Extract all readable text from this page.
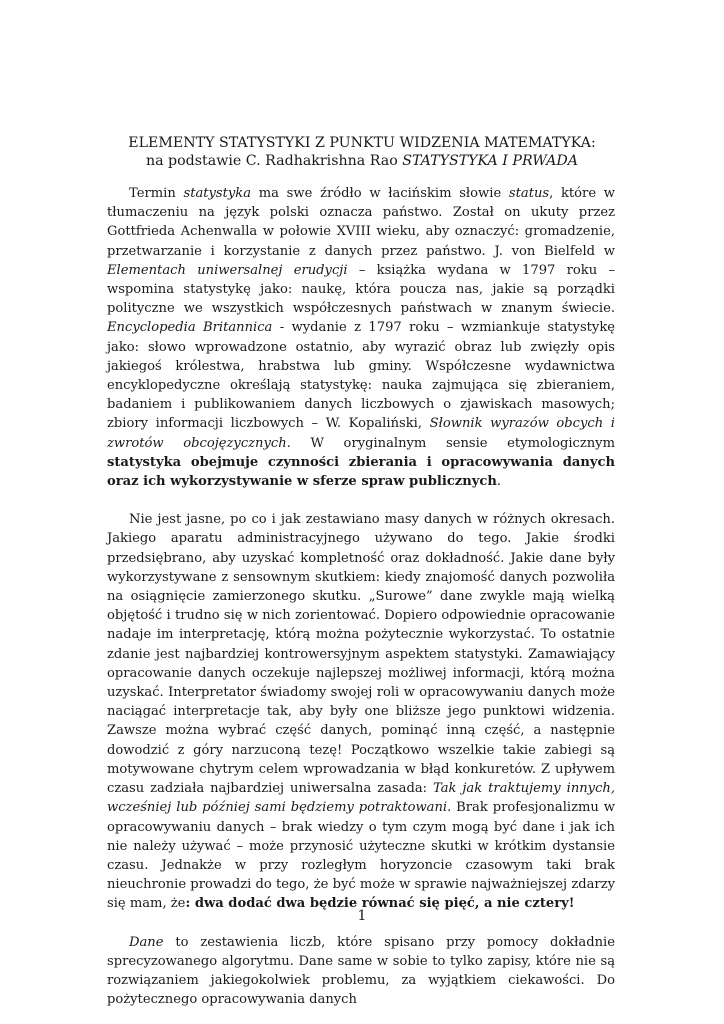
ELEMENTY STATYSTYKI Z PUNKTU WIDZENIA MATEMATYKA:
na podstawie C. Radhakrishna Rao STATYSTYKA I PRWADA

Termin statystyka ma swe źródło w łacińskim słowie status, które w tłumaczeniu na język polski oznacza państwo. Został on ukuty przez Gottfrieda Achenwalla w połowie XVIII wieku, aby oznaczyć: gromadzenie, przetwarzanie i korzystanie z danych przez państwo. J. von Bielfeld w Elementach uniwersalnej erudycji – książka wydana w 1797 roku – wspomina statystykę jako: naukę, która poucza nas, jakie są porządki polityczne we wszystkich współczesnych państwach w znanym świecie. Encyclopedia Britannica - wydanie z 1797 roku – wzmiankuje statystykę jako: słowo wprowadzone ostatnio, aby wyrazić obraz lub zwięzły opis jakiegoś królestwa, hrabstwa lub gminy. Współczesne wydawnictwa encyklopedyczne określają statystykę: nauka zajmująca się zbieraniem, badaniem i publikowaniem danych liczbowych o zjawiskach masowych; zbiory informacji liczbowych – W. Kopaliński, Słownik wyrazów obcych i zwrotów obcojęzycznych. W oryginalnym sensie etymologicznym statystyka obejmuje czynności zbierania i opracowywania danych oraz ich wykorzystywanie w sferze spraw publicznych.

Nie jest jasne, po co i jak zestawiano masy danych w różnych okresach. Jakiego aparatu administracyjnego używano do tego. Jakie środki przedsiębrano, aby uzyskać kompletność oraz dokładność. Jakie dane były wykorzystywane z sensownym skutkiem: kiedy znajomość danych pozwoliła na osiągnięcie zamierzonego skutku. „Surowe” dane zwykle mają wielką objętość i trudno się w nich zorientować. Dopiero odpowiednie opracowanie nadaje im interpretację, którą można pożytecznie wykorzystać. To ostatnie zdanie jest najbardziej kontrowersyjnym aspektem statystyki. Zamawiający opracowanie danych oczekuje najlepszej możliwej informacji, którą można uzyskać. Interpretator świadomy swojej roli w opracowywaniu danych może naciągać interpretacje tak, aby były one bliższe jego punktowi widzenia. Zawsze można wybrać część danych, pominąć inną część, a następnie dowodzić z góry narzuconą tezę! Początkowo wszelkie takie zabiegi są motywowane chytrym celem wprowadzania w błąd konkuretów. Z upływem czasu zadziała najbardziej uniwersalna zasada: Tak jak traktujemy innych, wcześniej lub później sami będziemy potraktowani. Brak profesjonalizmu w opracowywaniu danych – brak wiedzy o tym czym mogą być dane i jak ich nie należy używać – może przynosić użyteczne skutki w krótkim dystansie czasu. Jednakże w przy rozległym horyzoncie czasowym taki brak nieuchronie prowadzi do tego, że być może w sprawie najważniejszej zdarzy się mam, że: dwa dodać dwa będzie równać się pięć, a nie cztery!

Dane to zestawienia liczb, które spisano przy pomocy dokładnie sprecyzowanego algorytmu. Dane same w sobie to tylko zapisy, które nie są rozwiązaniem jakiegokolwiek problemu, za wyjątkiem ciekawości. Do pożytecznego opracowywania danych

1
